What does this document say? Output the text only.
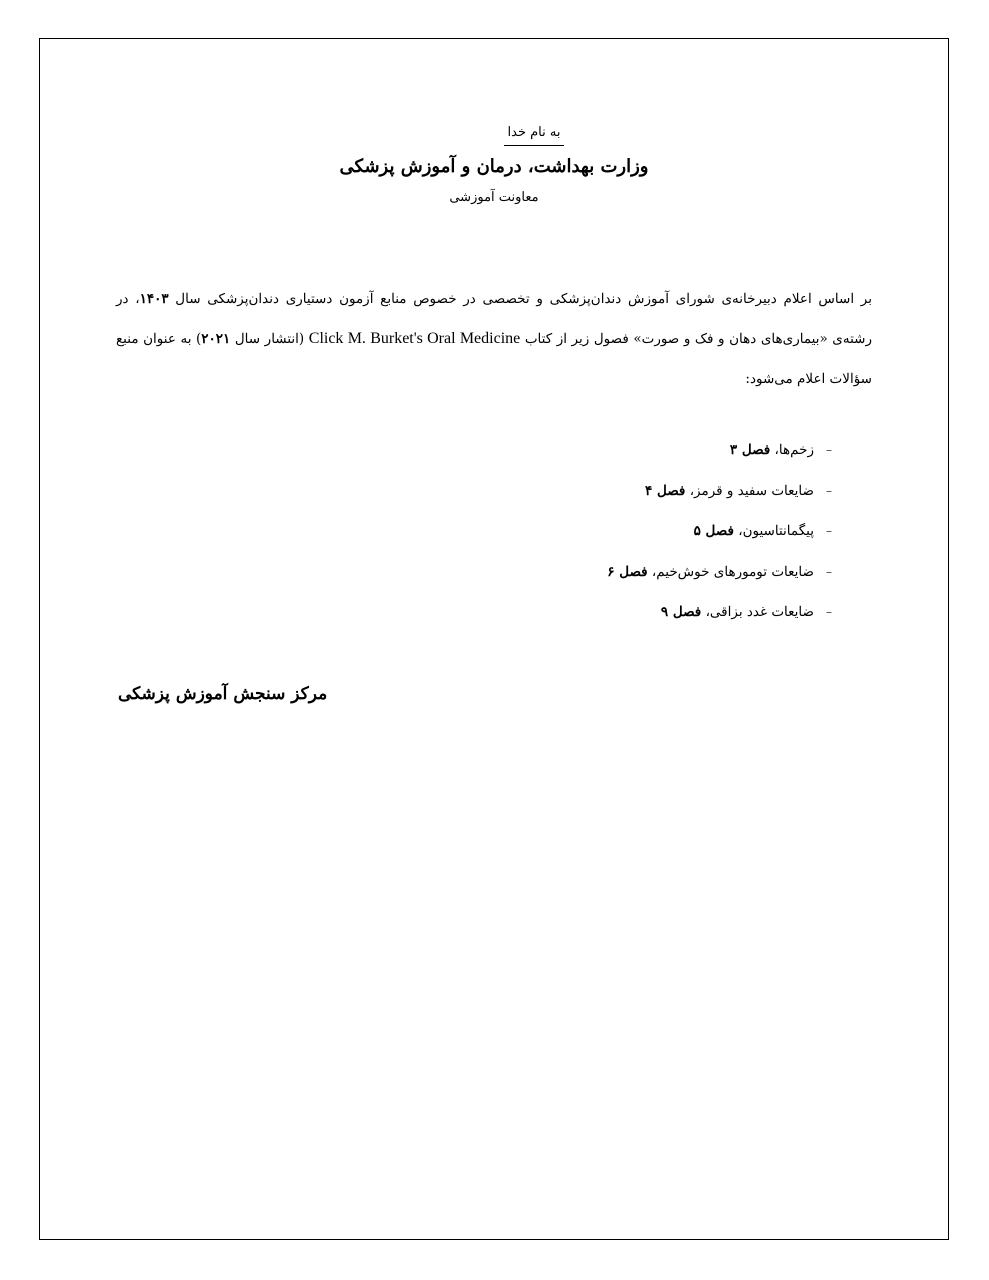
به نام خدا
وزارت بهداشت، درمان و آموزش پزشکی
معاونت آموزشی
بر اساس اعلام دبیرخانه‌ی شورای آموزش دندان‌پزشکی و تخصصی در خصوص منابع آزمون دستیاری دندان‌پزشکی سال ۱۴۰۳، در رشته‌ی «بیماری‌های دهان و فک و صورت» فصول زیر از کتاب Click M. Burket's Oral Medicine (انتشار سال ۲۰۲۱) به عنوان منبع سؤالات اعلام می‌شود:
–
زخم‌ها، فصل ۳
–
ضایعات سفید و قرمز، فصل ۴
–
پیگمانتاسیون، فصل ۵
–
ضایعات تومورهای خوش‌خیم، فصل ۶
–
ضایعات غدد بزاقی، فصل ۹
مرکز سنجش آموزش پزشکی
